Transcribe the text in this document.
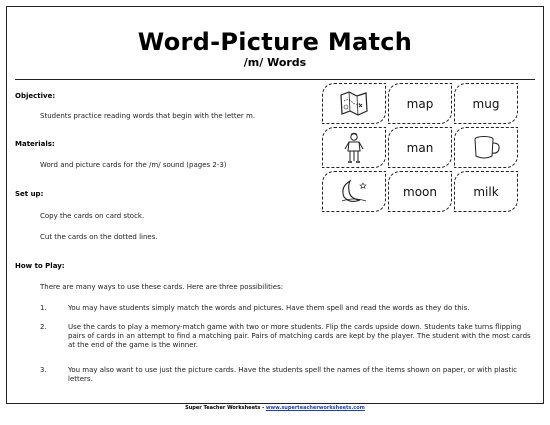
Word-Picture Match
/m/ Words
Objective:
Students practice reading words that begin with the letter m.
Materials:
Word and picture cards for the /m/ sound (pages 2-3)
Set up:
Copy the cards on card stock.
Cut the cards on the dotted lines.
How to Play:
There are many ways to use these cards. Here are three possibilities:
1.	You may have students simply match the words and pictures. Have them spell and read the words as they do this.
2.	Use the cards to play a memory-match game with two or more students. Flip the cards upside down. Students take turns flipping pairs of cards in an attempt to find a matching pair. Pairs of matching cards are kept by the player. The student with the most cards at the end of the game is the winner.
3.	You may also want to use just the picture cards. Have the students spell the names of the items shown on paper, or with plastic letters.
map	mug
man
moon	milk
Super Teacher Worksheets - www.superteacherworksheets.com
